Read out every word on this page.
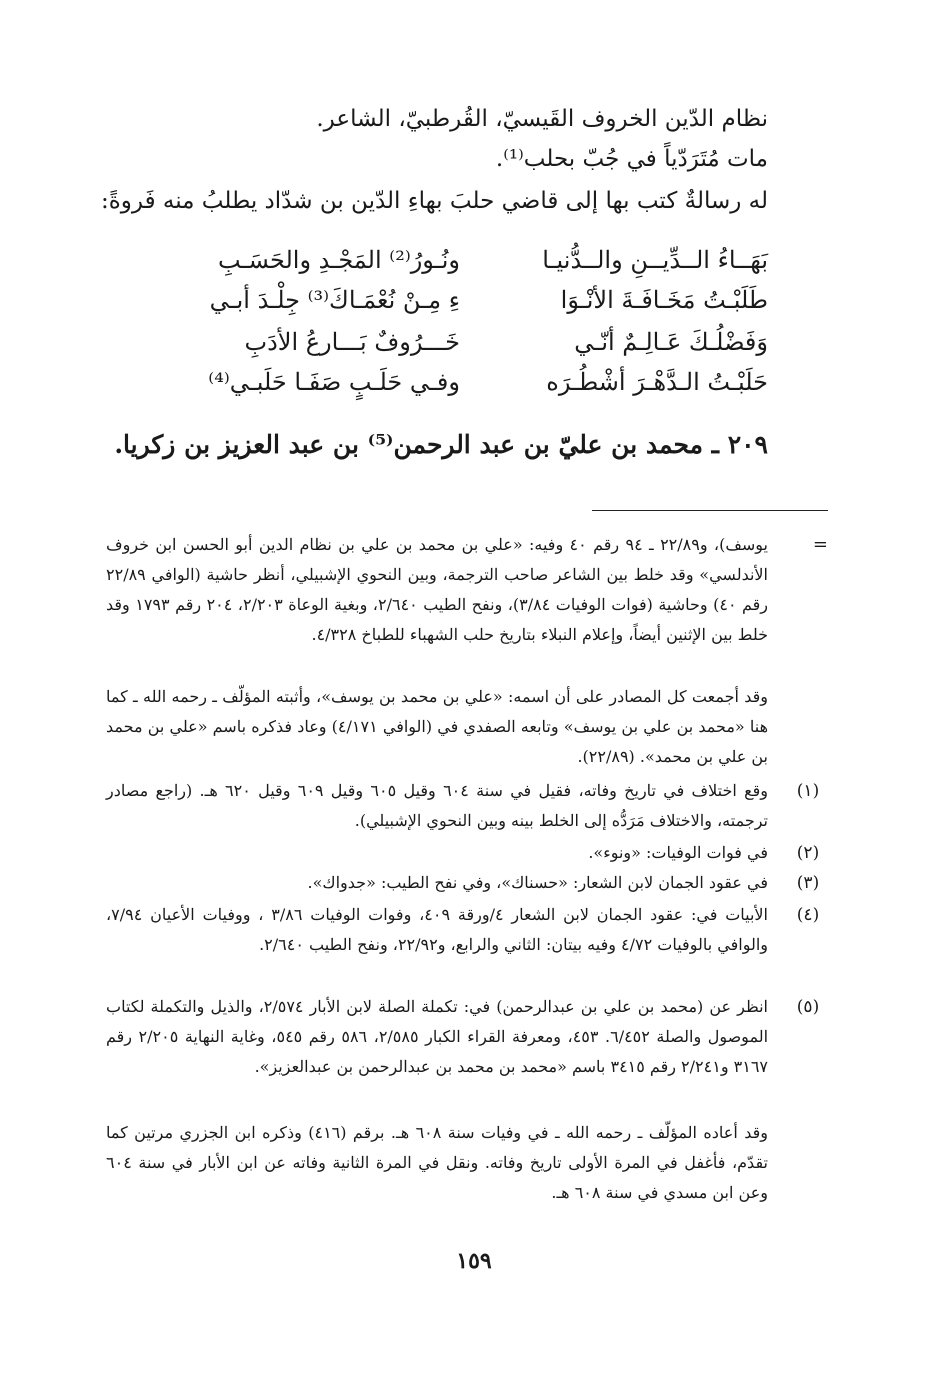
نظام الدّين الخروف القَيسيّ، القُرطبيّ، الشاعر.
مات مُتَرَدّياً في جُبّ بحلب⁽¹⁾.
له رسالةٌ كتب بها إلى قاضي حلبَ بهاءِ الدّين بن شدّاد يطلبُ منه فَروةً:
بَهَــاءُ الــدِّيــنِ والــدُّنيـا
ونُـورُ⁽²⁾ المَجْـدِ والحَسَـبِ
طَلَبْـتُ مَخَـافَـةَ الأنْـوَا
ءِ مِـنْ نُعْمَـاكَ⁽³⁾ جِلْـدَ أبـي
وَفَضْلُـكَ عَـالِـمٌ أنّـي
خَـــرُوفٌ بَـــارعُ الأدَبِ
حَلَبْـتُ الـدَّهْـرَ أشْطُـرَه
وفـي حَلَـبٍ صَفَـا حَلَبـي⁽⁴⁾
٢٠٩ ـ محمد بن عليّ بن عبد الرحمن⁽⁵⁾ بن عبد العزيز بن زكريا.
=
يوسف)، و٢٢/٨٩ ـ ٩٤ رقم ٤٠ وفيه: «علي بن محمد بن علي بن نظام الدين أبو الحسن ابن خروف الأندلسي» وقد خلط بين الشاعر صاحب الترجمة، وبين النحوي الإشبيلي، أنظر حاشية (الوافي ٢٢/٨٩ رقم ٤٠) وحاشية (فوات الوفيات ٣/٨٤)، ونفح الطيب ٢/٦٤٠، وبغية الوعاة ٢/٢٠٣، ٢٠٤ رقم ١٧٩٣ وقد خلط بين الإثنين أيضاً، وإعلام النبلاء بتاريخ حلب الشهباء للطباخ ٤/٣٢٨.
وقد أجمعت كل المصادر على أن اسمه: «علي بن محمد بن يوسف»، وأثبته المؤلّف ـ رحمه الله ـ كما هنا «محمد بن علي بن يوسف» وتابعه الصفدي في (الوافي ٤/١٧١) وعاد فذكره باسم «علي بن محمد بن علي بن محمد». (٢٢/٨٩).
(١)
وقع اختلاف في تاريخ وفاته، فقيل في سنة ٦٠٤ وقيل ٦٠٥ وقيل ٦٠٩ وقيل ٦٢٠ هـ. (راجع مصادر ترجمته، والاختلاف مَرَدُّه إلى الخلط بينه وبين النحوي الإشبيلي).
(٢)
في فوات الوفيات: «ونوء».
(٣)
في عقود الجمان لابن الشعار: «حسناك»، وفي نفح الطيب: «جدواك».
(٤)
الأبيات في: عقود الجمان لابن الشعار ٤/ورقة ٤٠٩، وفوات الوفيات ٣/٨٦ ، ووفيات الأعيان ٧/٩٤، والوافي بالوفيات ٤/٧٢ وفيه بيتان: الثاني والرابع، و٢٢/٩٢، ونفح الطيب ٢/٦٤٠.
(٥)
انظر عن (محمد بن علي بن عبدالرحمن) في: تكملة الصلة لابن الأبار ٢/٥٧٤، والذيل والتكملة لكتاب الموصول والصلة ٦/٤٥٢. ٤٥٣، ومعرفة القراء الكبار ٢/٥٨٥، ٥٨٦ رقم ٥٤٥، وغاية النهاية ٢/٢٠٥ رقم ٣١٦٧ و٢/٢٤١ رقم ٣٤١٥ باسم «محمد بن محمد بن عبدالرحمن بن عبدالعزيز».
وقد أعاده المؤلّف ـ رحمه الله ـ في وفيات سنة ٦٠٨ هـ. برقم (٤١٦) وذكره ابن الجزري مرتين كما تقدّم، فأغفل في المرة الأولى تاريخ وفاته. ونقل في المرة الثانية وفاته عن ابن الأبار في سنة ٦٠٤ وعن ابن مسدي في سنة ٦٠٨ هـ.
١٥٩
